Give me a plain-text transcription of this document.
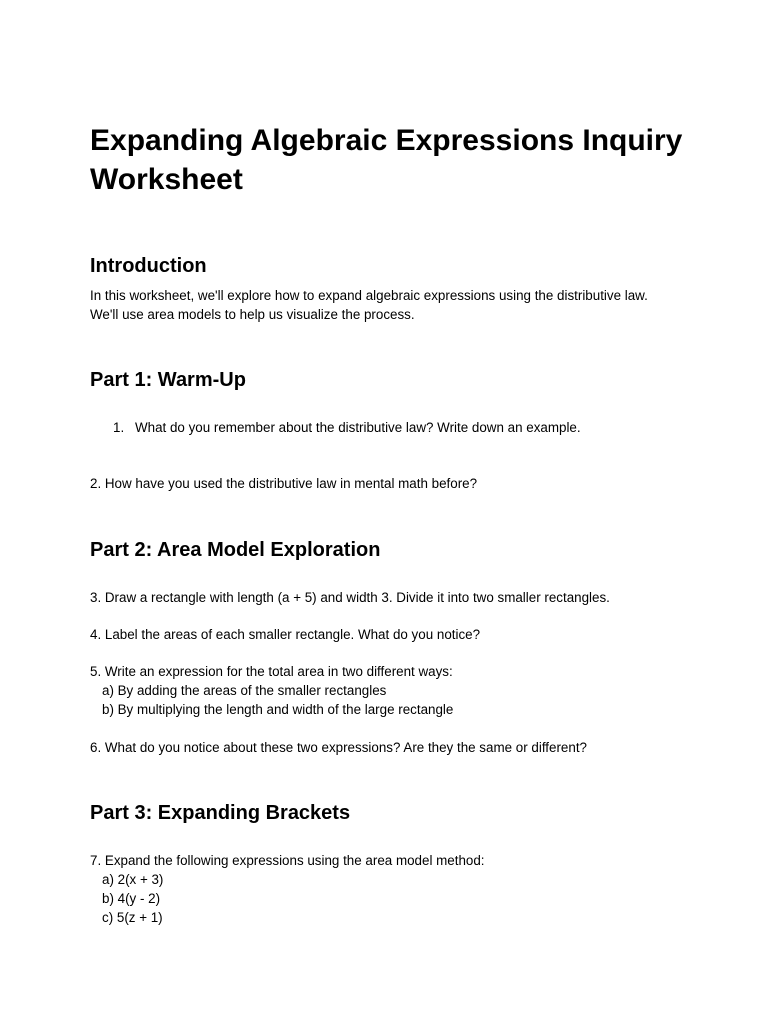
Expanding Algebraic Expressions Inquiry Worksheet
Introduction

In this worksheet, we'll explore how to expand algebraic expressions using the distributive law.

We'll use area models to help us visualize the process.

Part 1: Warm-Up
1. What do you remember about the distributive law? Write down an example.

2. How have you used the distributive law in mental math before?

Part 2: Area Model Exploration

3. Draw a rectangle with length (a + 5) and width 3. Divide it into two smaller rectangles.

4. Label the areas of each smaller rectangle. What do you notice?

5. Write an expression for the total area in two different ways:

a) By adding the areas of the smaller rectangles

b) By multiplying the length and width of the large rectangle

6. What do you notice about these two expressions? Are they the same or different?

Part 3: Expanding Brackets

7. Expand the following expressions using the area model method:

a) 2(x + 3)

b) 4(y - 2)

c) 5(z + 1)
